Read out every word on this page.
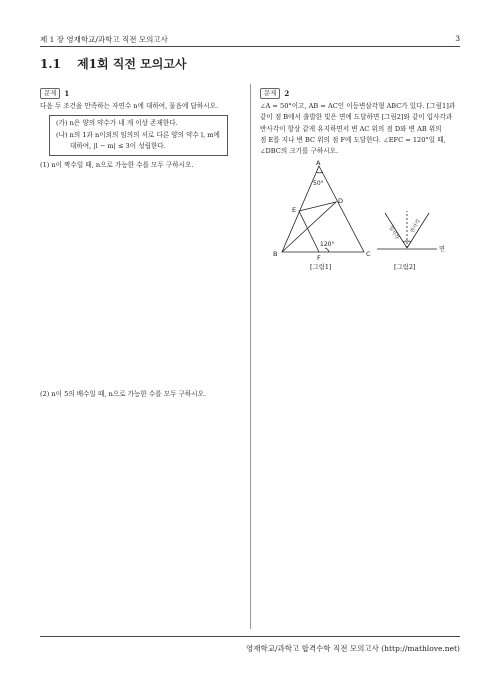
제 1 장 영재학교/과학고 직전 모의고사	3
1.1 제1회 직전 모의고사
문제	1
다음 두 조건을 만족하는 자연수 n에 대하여, 물음에 답하시오.
(가) n은 양의 약수가 네 개 이상 존재한다.
(나) n의 1과 n이외의 임의의 서로 다른 양의 약수 l, m에
대하여, |l − m| ≤ 3이 성립한다.
(1) n이 짝수일 때, n으로 가능한 수를 모두 구하시오.
(2) n이 5의 배수일 때, n으로 가능한 수를 모두 구하시오.
문제	2
∠A = 50°이고, AB = AC인 이등변삼각형 ABC가 있다. [그림1]과
같이 점 B에서 출발한 빛은 면에 도달하면 [그림2]와 같이 입사각과
반사각이 항상 같게 유지하면서 변 AC 위의 점 D와 변 AB 위의
점 E를 지나 변 BC 위의 점 F에 도달한다. ∠EFC = 120°일 때,
∠DBC의 크기를 구하시오.
A
B	C
D
E
F
50°
120°
[그림1]
입사각 반사각
면
[그림2]
영재학교/과학고 합격수학 직전 모의고사 (http://mathlove.net)
